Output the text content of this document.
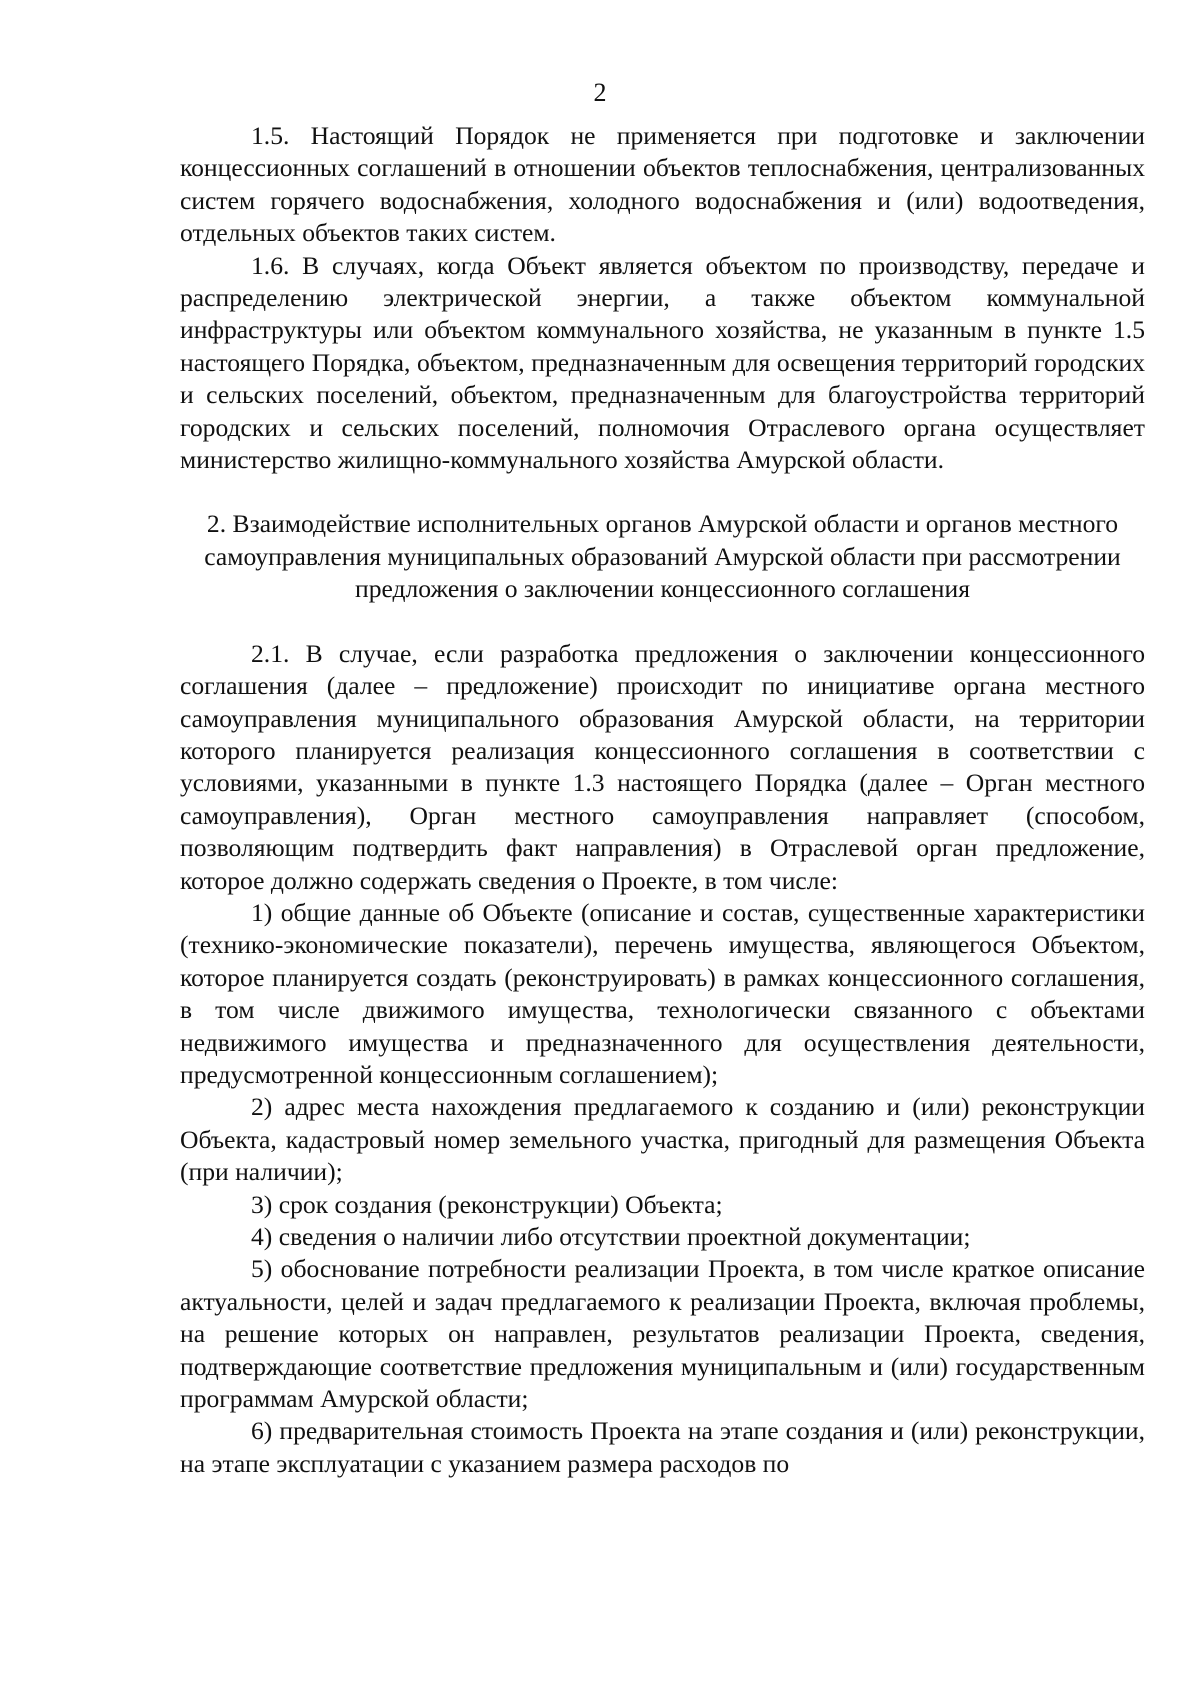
2

1.5. Настоящий Порядок не применяется при подготовке и заключении концессионных соглашений в отношении объектов теплоснабжения, централизованных систем горячего водоснабжения, холодного водоснабжения и (или) водоотведения, отдельных объектов таких систем.

1.6. В случаях, когда Объект является объектом по производству, передаче и распределению электрической энергии, а также объектом коммунальной инфраструктуры или объектом коммунального хозяйства, не указанным в пункте 1.5 настоящего Порядка, объектом, предназначенным для освещения территорий городских и сельских поселений, объектом, предназначенным для благоустройства территорий городских и сельских поселений, полномочия Отраслевого органа осуществляет министерство жилищно-коммунального хозяйства Амурской области.

2. Взаимодействие исполнительных органов Амурской области и органов местного самоуправления муниципальных образований Амурской области при рассмотрении предложения о заключении концессионного соглашения

2.1. В случае, если разработка предложения о заключении концессионного соглашения (далее – предложение) происходит по инициативе органа местного самоуправления муниципального образования Амурской области, на территории которого планируется реализация концессионного соглашения в соответствии с условиями, указанными в пункте 1.3 настоящего Порядка (далее – Орган местного самоуправления), Орган местного самоуправления направляет (способом, позволяющим подтвердить факт направления) в Отраслевой орган предложение, которое должно содержать сведения о Проекте, в том числе:

1) общие данные об Объекте (описание и состав, существенные характеристики (технико-экономические показатели), перечень имущества, являющегося Объектом, которое планируется создать (реконструировать) в рамках концессионного соглашения, в том числе движимого имущества, технологически связанного с объектами недвижимого имущества и предназначенного для осуществления деятельности, предусмотренной концессионным соглашением);

2) адрес места нахождения предлагаемого к созданию и (или) реконструкции Объекта, кадастровый номер земельного участка, пригодный для размещения Объекта (при наличии);

3) срок создания (реконструкции) Объекта;

4) сведения о наличии либо отсутствии проектной документации;

5) обоснование потребности реализации Проекта, в том числе краткое описание актуальности, целей и задач предлагаемого к реализации Проекта, включая проблемы, на решение которых он направлен, результатов реализации Проекта, сведения, подтверждающие соответствие предложения муниципальным и (или) государственным программам Амурской области;

6) предварительная стоимость Проекта на этапе создания и (или) реконструкции, на этапе эксплуатации с указанием размера расходов по
